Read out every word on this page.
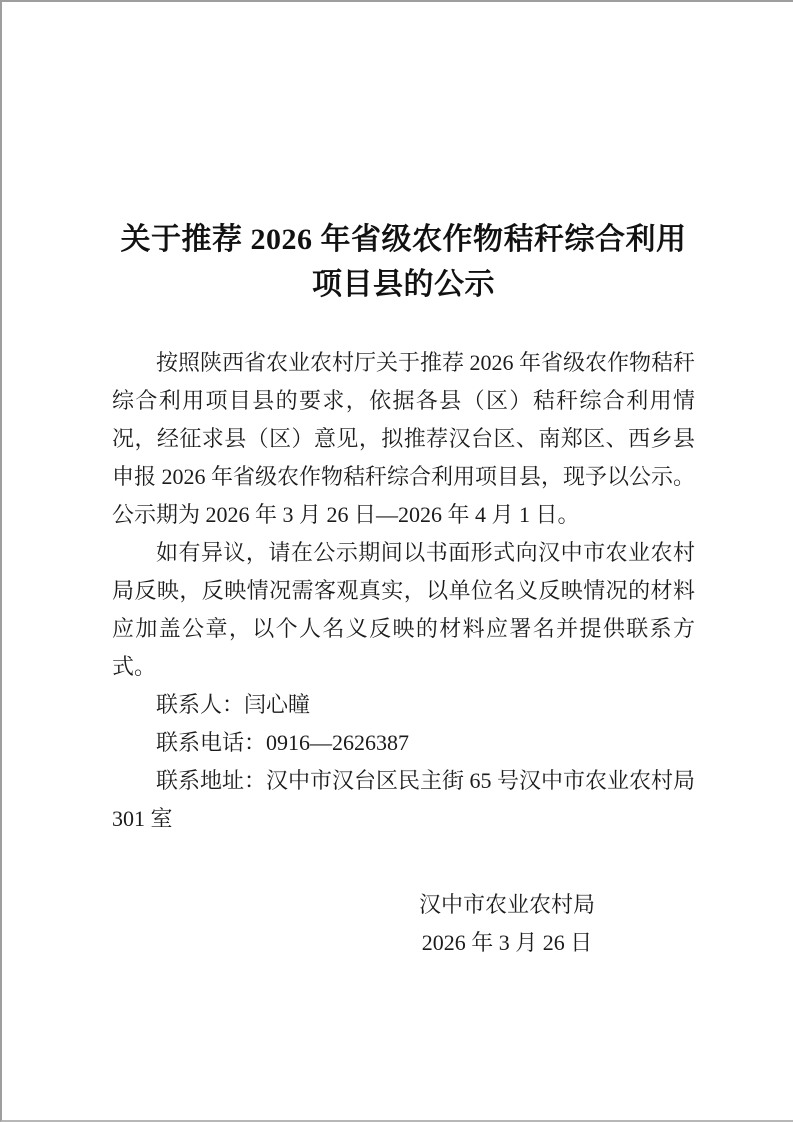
关于推荐 2026 年省级农作物秸秆综合利用
项目县的公示

按照陕西省农业农村厅关于推荐 2026 年省级农作物秸秆综合利用项目县的要求，依据各县（区）秸秆综合利用情况，经征求县（区）意见，拟推荐汉台区、南郑区、西乡县申报 2026 年省级农作物秸秆综合利用项目县，现予以公示。公示期为 2026 年 3 月 26 日—2026 年 4 月 1 日。

如有异议，请在公示期间以书面形式向汉中市农业农村局反映，反映情况需客观真实，以单位名义反映情况的材料应加盖公章，以个人名义反映的材料应署名并提供联系方式。

联系人：闫心瞳

联系电话：0916—2626387

联系地址：汉中市汉台区民主街 65 号汉中市农业农村局 301 室

汉中市农业农村局
2026 年 3 月 26 日
